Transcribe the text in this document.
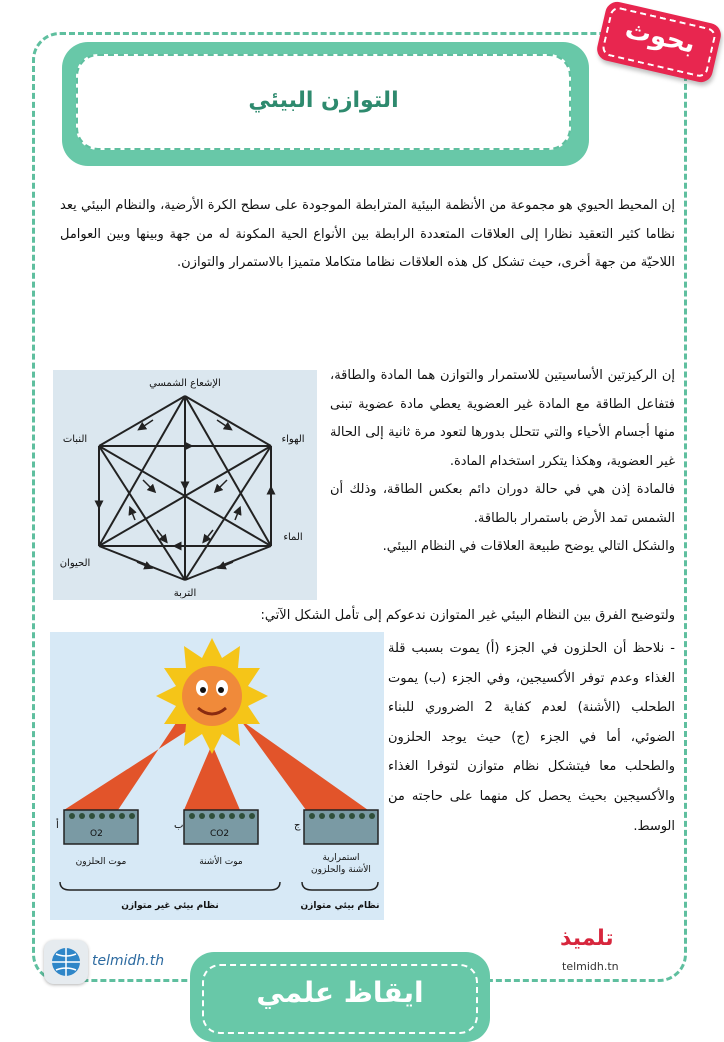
بحوث
التوازن البيئي

إن المحيط الحيوي هو مجموعة من الأنظمة البيئية المترابطة الموجودة على سطح الكرة الأرضية، والنظام البيئي يعد نظاما كثير التعقيد نظارا إلى العلاقات المتعددة الرابطة بين الأنواع الحية المكونة له من جهة وبينها وبين العوامل اللاحيّة من جهة أخرى، حيث تشكل كل هذه العلاقات نظاما متكاملا متميزا بالاستمرار والتوازن.

إن الركيزتين الأساسيتين للاستمرار والتوازن هما المادة والطاقة، فتفاعل الطاقة مع المادة غير العضوية يعطي مادة عضوية تبنى منها أجسام الأحياء والتي تتحلل بدورها لتعود مرة ثانية إلى الحالة غير العضوية، وهكذا يتكرر استخدام المادة.

فالمادة إذن هي في حالة دوران دائم بعكس الطاقة، وذلك أن الشمس تمد الأرض باستمرار بالطاقة.

والشكل التالي يوضح طبيعة العلاقات في النظام البيئي.

الإشعاع الشمسي
النبات	الهواء
الحيوان
الماء
التربة

ولتوضيح الفرق بين النظام البيئي غير المتوازن ندعوكم إلى تأمل الشكل الآتي:

- نلاحظ أن الحلزون في الجزء (أ) يموت بسبب قلة الغذاء وعدم توفر الأكسيجين، وفي الجزء (ب) يموت الطحلب (الأشنة) لعدم كفاية 2 الضروري للبناء الضوئي، أما في الجزء (ج) حيث يوجد الحلزون والطحلب معا فيتشكل نظام متوازن لتوفرا الغذاء والأكسيجين بحيث يحصل كل منهما على حاجته من الوسط.

O2	CO2
أ	ب	ج
موت الحلزون	موت الأشنة	استمرارية
الأشنة والحلزون
نظام بيئي غير متوازن	نظام بيئي متوازن
telmidh.th
تلميذ
telmidh.tn
ايقاظ علمي
